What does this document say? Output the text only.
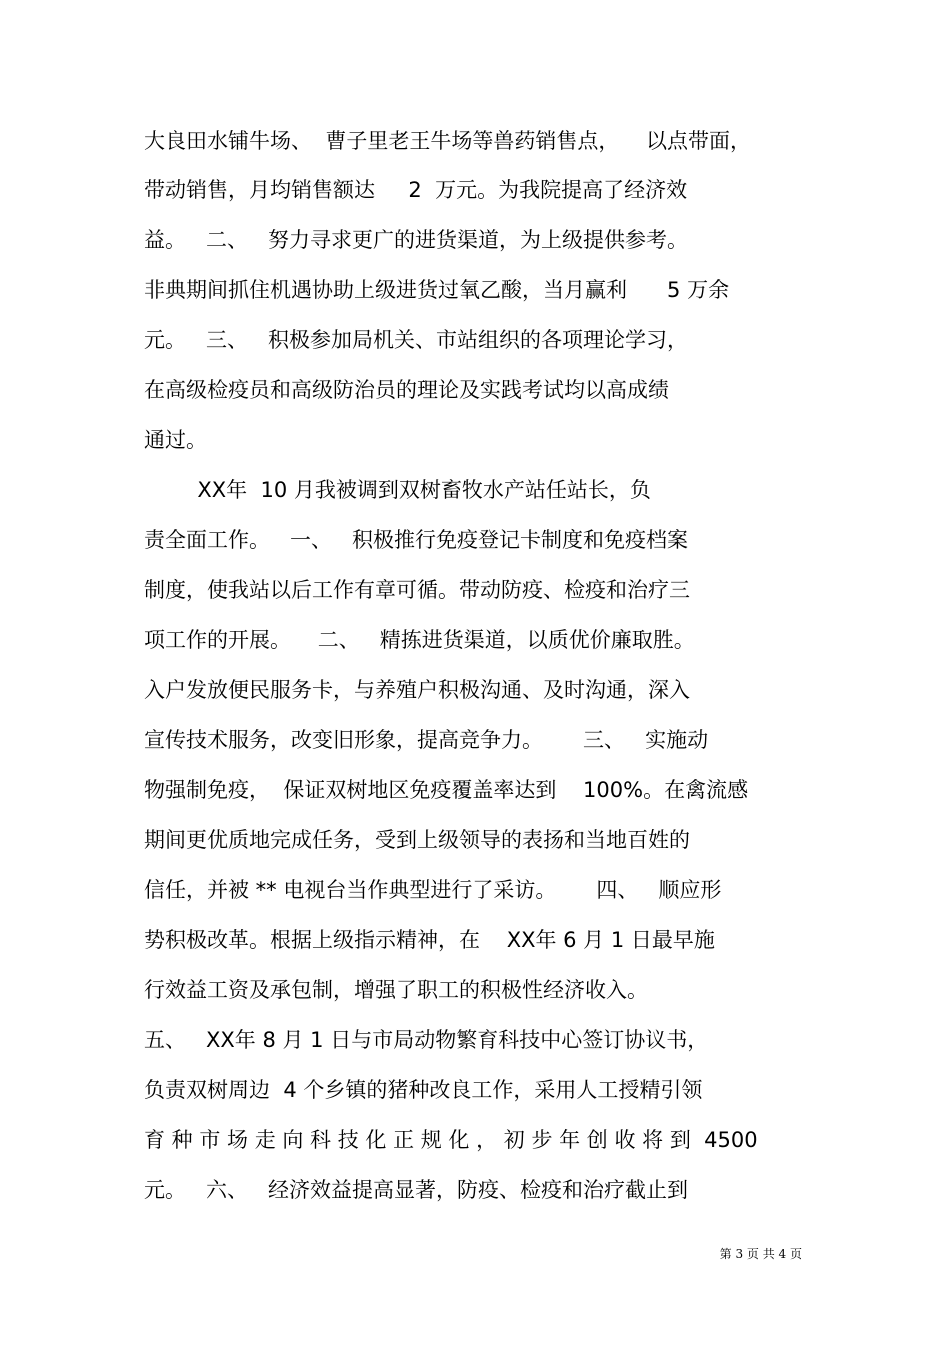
大良田水铺牛场、  曹子里老王牛场等兽药销售点，    以点带面，
带动销售，月均销售额达     2  万元。为我院提高了经济效
益。   二、   努力寻求更广的进货渠道，为上级提供参考。
非典期间抓住机遇协助上级进货过氧乙酸，当月赢利      5 万余
元。   三、   积极参加局机关、市站组织的各项理论学习，
在高级检疫员和高级防治员的理论及实践考试均以高成绩
通过。
XX年  10 月我被调到双树畜牧水产站任站长，负
责全面工作。   一、   积极推行免疫登记卡制度和免疫档案
制度，使我站以后工作有章可循。带动防疫、检疫和治疗三
项工作的开展。    二、   精拣进货渠道，以质优价廉取胜。
入户发放便民服务卡，与养殖户积极沟通、及时沟通，深入
宣传技术服务，改变旧形象，提高竞争力。      三、   实施动
物强制免疫，  保证双树地区免疫覆盖率达到    100%。在禽流感
期间更优质地完成任务，受到上级领导的表扬和当地百姓的
信任，并被 ** 电视台当作典型进行了采访。      四、   顺应形
势积极改革。根据上级指示精神，在    XX年 6 月 1 日最早施
行效益工资及承包制，增强了职工的积极性经济收入。
五、   XX年 8 月 1 日与市局动物繁育科技中心签订协议书，
负责双树周边  4 个乡镇的猪种改良工作，采用人工授精引领
育 种 市 场 走 向 科 技 化 正 规 化 ， 初 步 年 创 收 将 到  4500
元。   六、   经济效益提高显著，防疫、检疫和治疗截止到
第 3 页 共 4 页
